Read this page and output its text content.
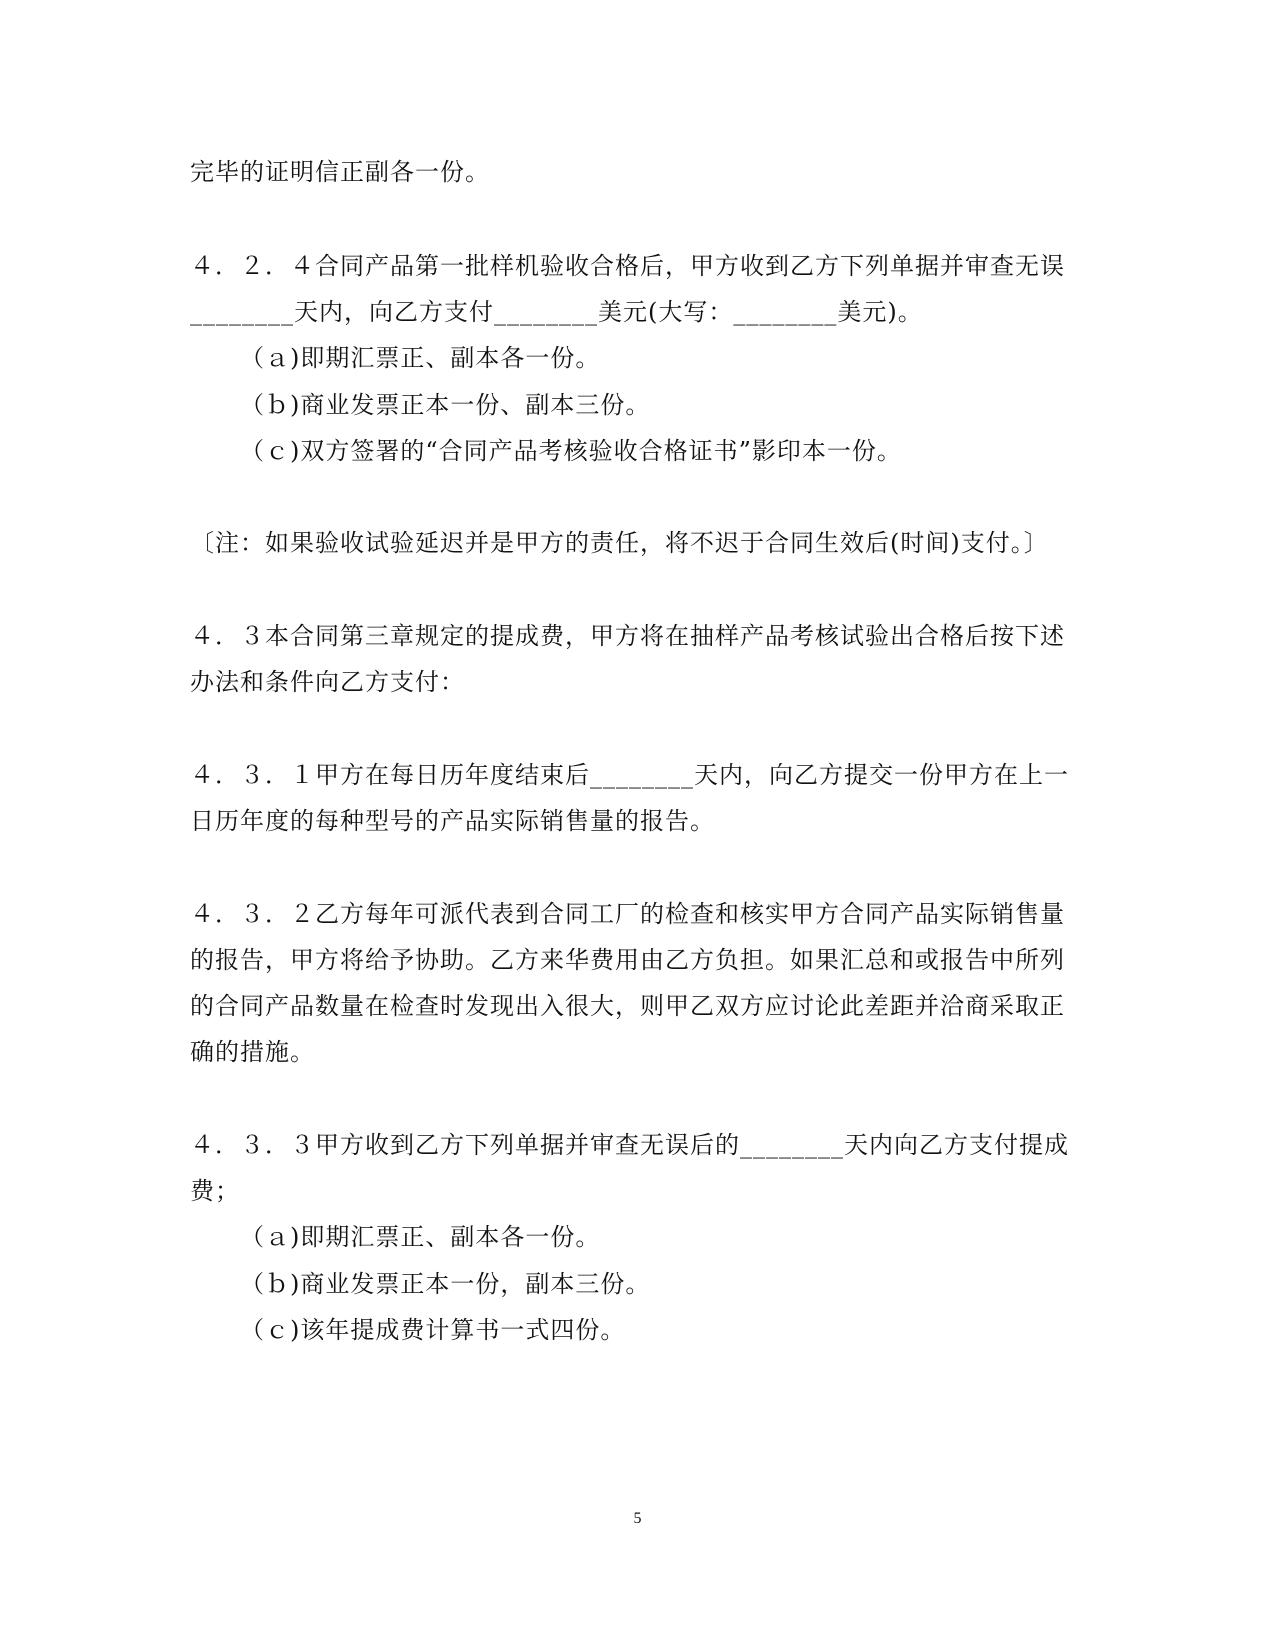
完毕的证明信正副各一份。
４．２．４合同产品第一批样机验收合格后，甲方收到乙方下列单据并审查无误
________天内，向乙方支付________美元(大写：________美元)。
（ａ)即期汇票正、副本各一份。
（ｂ)商业发票正本一份、副本三份。
（ｃ)双方签署的“合同产品考核验收合格证书”影印本一份。
〔注：如果验收试验延迟并是甲方的责任，将不迟于合同生效后(时间)支付。〕
４．３本合同第三章规定的提成费，甲方将在抽样产品考核试验出合格后按下述
办法和条件向乙方支付：
４．３．１甲方在每日历年度结束后________天内，向乙方提交一份甲方在上一
日历年度的每种型号的产品实际销售量的报告。
４．３．２乙方每年可派代表到合同工厂的检查和核实甲方合同产品实际销售量
的报告，甲方将给予协助。乙方来华费用由乙方负担。如果汇总和或报告中所列
的合同产品数量在检查时发现出入很大，则甲乙双方应讨论此差距并洽商采取正
确的措施。
４．３．３甲方收到乙方下列单据并审查无误后的________天内向乙方支付提成
费；
（ａ)即期汇票正、副本各一份。
（ｂ)商业发票正本一份，副本三份。
（ｃ)该年提成费计算书一式四份。
5
